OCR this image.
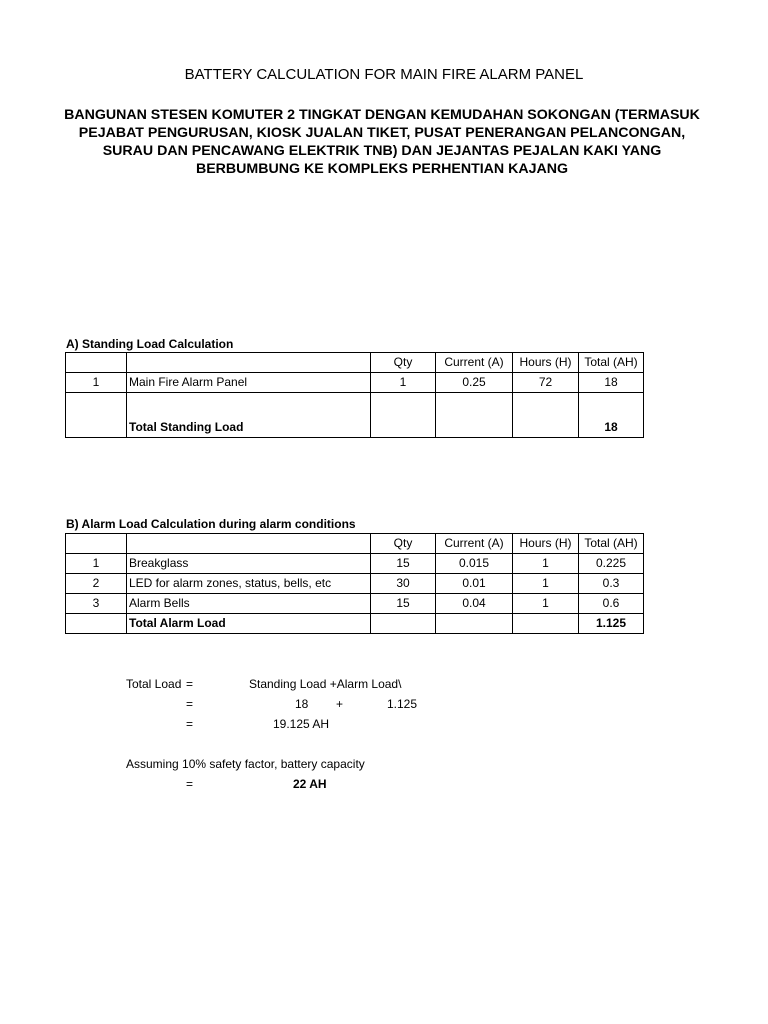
BATTERY CALCULATION FOR MAIN FIRE ALARM PANEL
BANGUNAN STESEN KOMUTER 2 TINGKAT DENGAN KEMUDAHAN SOKONGAN (TERMASUK PEJABAT PENGURUSAN, KIOSK JUALAN TIKET, PUSAT PENERANGAN PELANCONGAN, SURAU DAN PENCAWANG ELEKTRIK TNB) DAN JEJANTAS PEJALAN KAKI YANG BERBUMBUNG KE KOMPLEKS PERHENTIAN KAJANG
A) Standing Load Calculation
		Qty	Current (A)	Hours (H)	Total (AH)
1	Main Fire Alarm Panel	1	0.25	72	18
	Total Standing Load				18
B) Alarm Load Calculation during alarm conditions
		Qty	Current (A)	Hours (H)	Total (AH)
1	Breakglass	15	0.015	1	0.225
2	LED for alarm zones, status, bells, etc	30	0.01	1	0.3
3	Alarm Bells	15	0.04	1	0.6
	Total Alarm Load				1.125
Total Load =	Standing Load +Alarm Load\
=	18 +	1.125
=	19.125 AH
Assuming 10% safety factor, battery capacity
=	22 AH
